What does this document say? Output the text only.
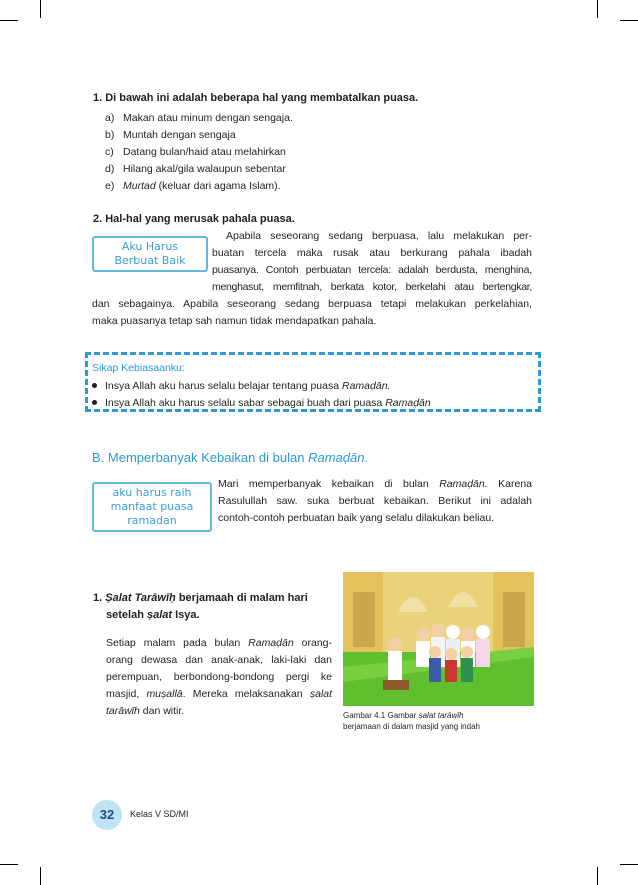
1. Di bawah ini adalah beberapa hal yang membatalkan puasa.
a) Makan atau minum dengan sengaja.
b) Muntah dengan sengaja
c) Datang bulan/haid atau melahirkan
d) Hilang akal/gila walaupun sebentar
e) Murtad (keluar dari agama Islam).
2. Hal-hal yang merusak pahala puasa.
Aku Harus
Berbuat Baik
Apabila seseorang sedang berpuasa, lalu melakukan per-
buatan tercela maka rusak atau berkurang pahala ibadah
puasanya. Contoh perbuatan tercela: adalah berdusta, menghina,
menghasut, memfitnah, berkata kotor, berkelahi atau bertengkar,
dan sebagainya. Apabila seseorang sedang berpuasa tetapi melakukan perkelahian,
maka puasanya tetap sah namun tidak mendapatkan pahala.
Sikap Kebiasaanku:
Insya Allah aku harus selalu belajar tentang puasa Ramaḍān.
Insya Allah aku harus selalu sabar sebagai buah dari puasa Ramaḍān
B. Memperbanyak Kebaikan di bulan Ramaḍān.
aku harus raih
manfaat puasa
ramadan
Mari memperbanyak kebaikan di bulan Ramaḍān. Karena
Rasulullah saw. suka berbuat kebaikan. Berikut ini adalah
contoh-contoh perbuatan baik yang selalu dilakukan beliau.
1. Ṣalat Tarāwīḥ berjamaah di malam hari
setelah ṣalat Isya.
Setiap malam pada bulan Ramaḍān orang-
orang dewasa dan anak-anak, laki-laki dan
perempuan, berbondong-bondong pergi ke
masjid, muṣallā. Mereka melaksanakan ṣalat
tarāwīh dan witir.	Gambar 4.1 Gambar ṣalat tarāwīh
berjamaan di dalam masjid yang indah
32	Kelas V SD/MI
